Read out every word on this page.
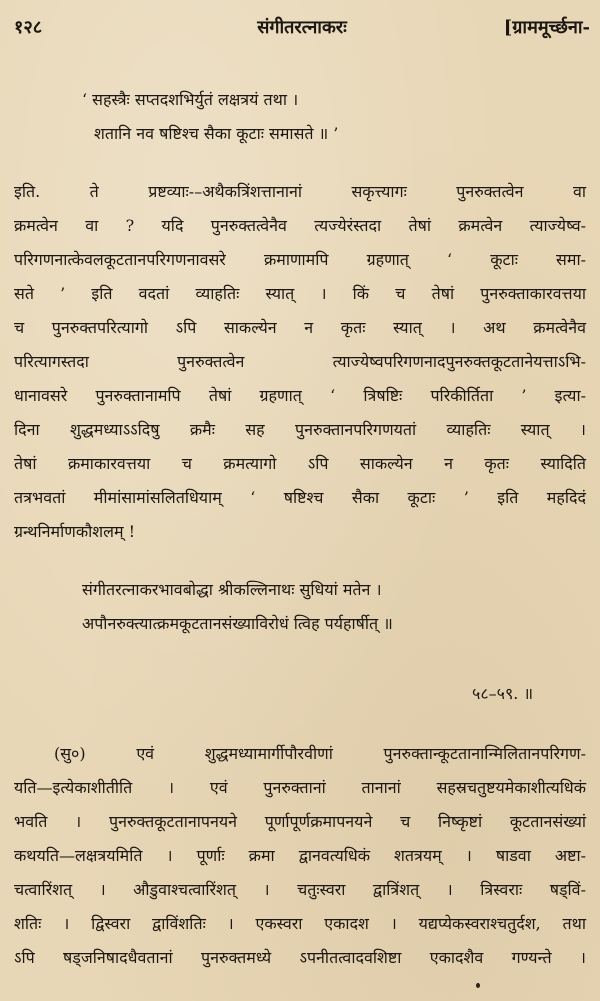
१२८	संगीतरत्नाकरः	[ग्राममूर्च्छना-
‘ सहस्त्रैः सप्तदशभिर्युतं लक्षत्रयं तथा ।
शतानि नव षष्टिश्च सैका कूटाः समासते ॥ ’
इति. ते प्रष्टव्याः-–अथैकत्रिंशत्तानानां सकृत्त्यागः पुनरुक्तत्वेन वा
क्रमत्वेन वा ? यदि पुनरुक्तत्वेनैव त्यज्येरंस्तदा तेषां क्रमत्वेन त्याज्येष्व-
परिगणनात्केवलकूटतानपरिगणनावसरे क्रमाणामपि ग्रहणात् ‘ कूटाः समा-
सते ’ इति वदतां व्याहतिः स्यात् । किं च तेषां पुनरुक्ताकारवत्तया
च पुनरुक्तपरित्यागो ऽपि साकल्येन न कृतः स्यात् । अथ क्रमत्वेनैव
परित्यागस्तदा पुनरुक्तत्वेन त्याज्येष्वपरिगणनादपुनरुक्तकूटतानेयत्ताऽभि-
धानावसरे पुनरुक्तानामपि तेषां ग्रहणात् ‘ त्रिषष्टिः परिकीर्तिता ’ इत्या-
दिना शुद्धमध्याऽऽदिषु क्रमैः सह पुनरुक्तानपरिगणयतां व्याहतिः स्यात् ।
तेषां क्रमाकारवत्तया च क्रमत्यागो ऽपि साकल्येन न कृतः स्यादिति
तत्रभवतां मीमांसामांसलितधियाम् ‘ षष्टिश्च सैका कूटाः ’ इति महदिदं
ग्रन्थनिर्माणकौशलम् !
संगीतरत्नाकरभावबोद्धा श्रीकल्लिनाथः सुधियां मतेन ।
अपौनरुक्त्यात्क्रमकूटतानसंख्याविरोधं त्विह पर्यहार्षीत् ॥
५८–५९. ॥
(सु०) एवं शुद्धमध्यामार्गीपौरवीणां पुनरुक्तान्कूटतानान्मिलितानपरिगण-
यति—इत्येकाशीतीति । एवं पुनरुक्तानां तानानां सहस्रचतुष्टयमेकाशीत्यधिकं
भवति । पुनरुक्तकूटतानापनयने पूर्णापूर्णक्रमापनयने च निष्कृष्टां कूटतानसंख्यां
कथयति—लक्षत्रयमिति । पूर्णाः क्रमा द्वानवत्यधिकं शतत्रयम् । षाडवा अष्टा-
चत्वारिंशत् । औडुवाश्चत्वारिंशत् । चतुःस्वरा द्वात्रिंशत् । त्रिस्वराः षड्विं-
शतिः । द्विस्वरा द्वाविंशतिः । एकस्वरा एकादश । यद्यप्येकस्वराश्चतुर्दश, तथा
ऽपि षड्जनिषादधैवतानां पुनरुक्तमध्ये ऽपनीतत्वादवशिष्टा एकादशैव गण्यन्ते ।
